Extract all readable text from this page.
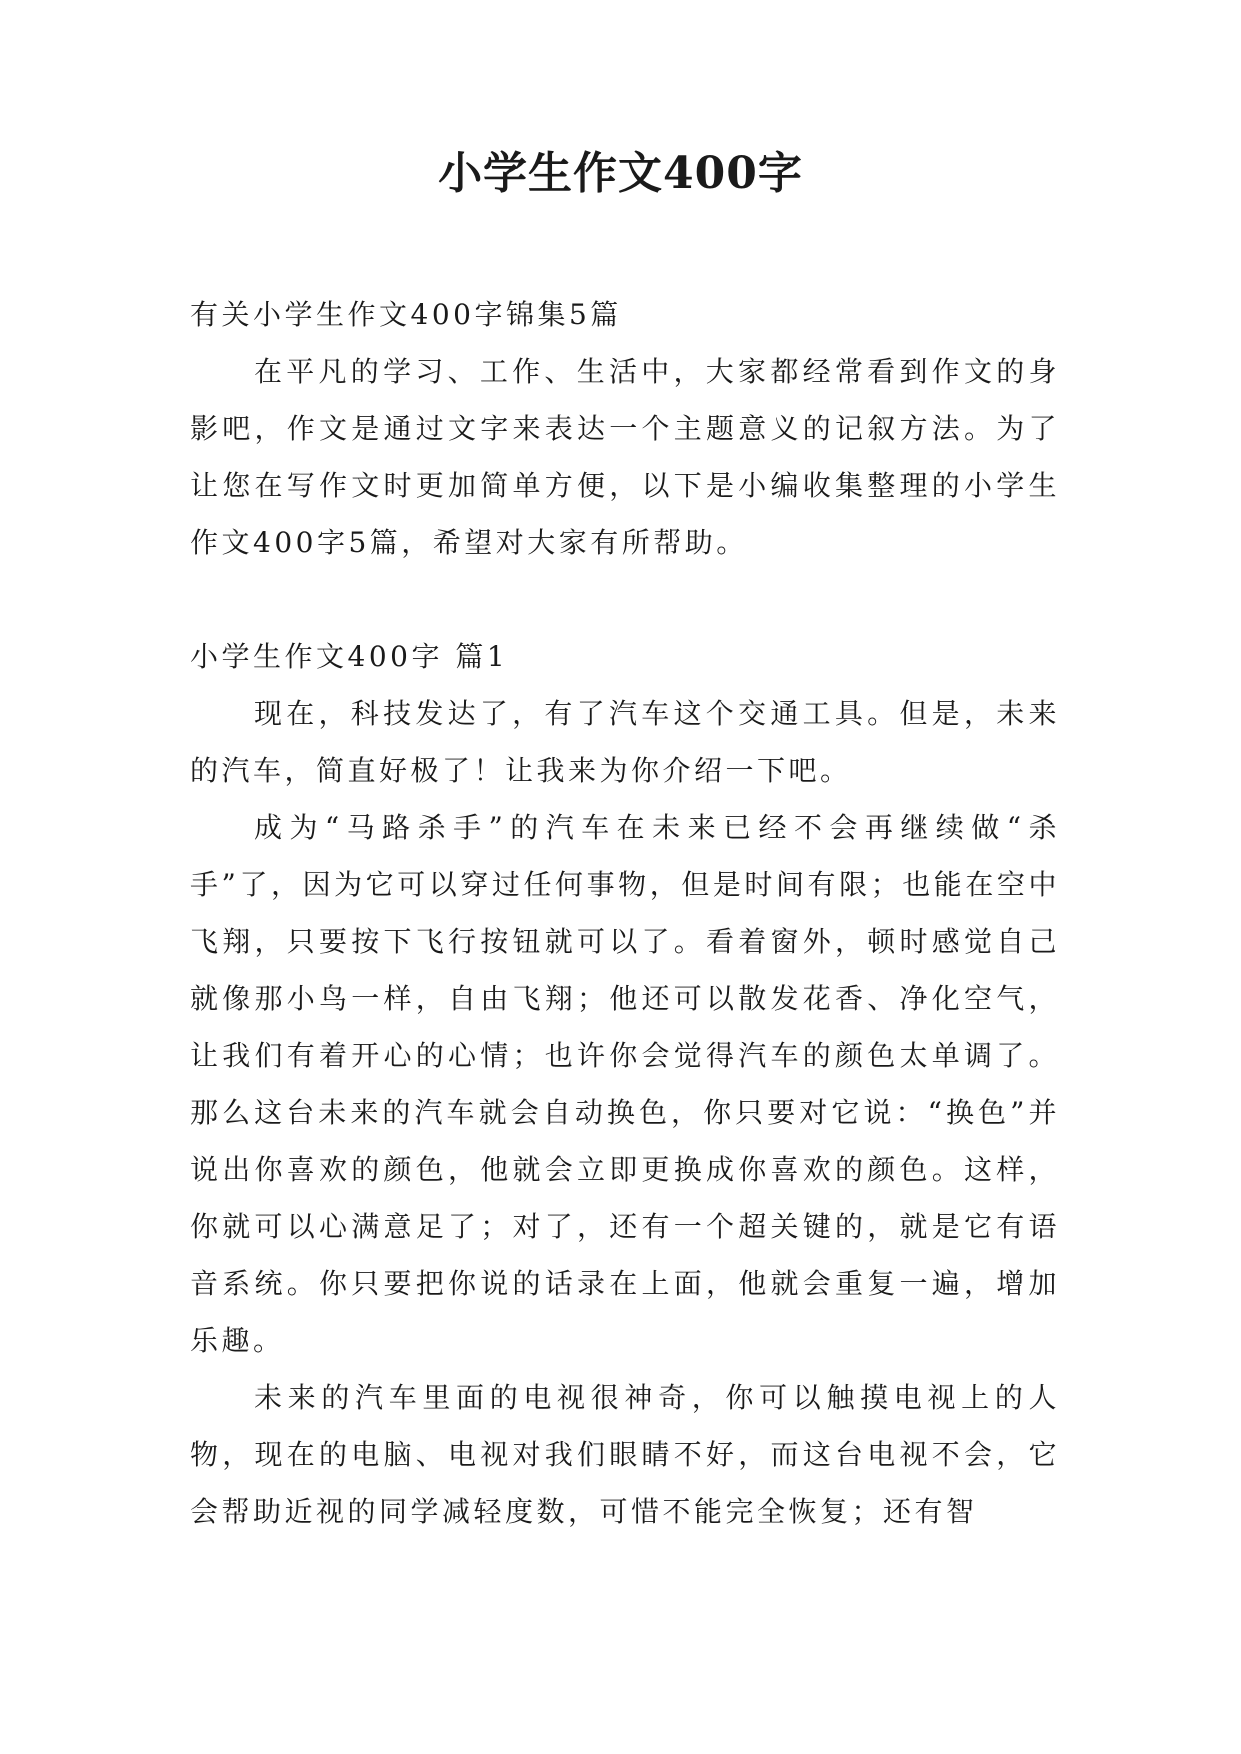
小学生作文400字

有关小学生作文400字锦集5篇

在平凡的学习、工作、生活中，大家都经常看到作文的身影吧，作文是通过文字来表达一个主题意义的记叙方法。为了让您在写作文时更加简单方便，以下是小编收集整理的小学生作文400字5篇，希望对大家有所帮助。

小学生作文400字 篇1

现在，科技发达了，有了汽车这个交通工具。但是，未来的汽车，简直好极了！让我来为你介绍一下吧。

成为“马路杀手”的汽车在未来已经不会再继续做“杀手”了，因为它可以穿过任何事物，但是时间有限；也能在空中飞翔，只要按下飞行按钮就可以了。看着窗外，顿时感觉自己就像那小鸟一样，自由飞翔；他还可以散发花香、净化空气，让我们有着开心的心情；也许你会觉得汽车的颜色太单调了。那么这台未来的汽车就会自动换色，你只要对它说：“换色”并说出你喜欢的颜色，他就会立即更换成你喜欢的颜色。这样，你就可以心满意足了；对了，还有一个超关键的，就是它有语音系统。你只要把你说的话录在上面，他就会重复一遍，增加乐趣。

未来的汽车里面的电视很神奇，你可以触摸电视上的人物，现在的电脑、电视对我们眼睛不好，而这台电视不会，它会帮助近视的同学减轻度数，可惜不能完全恢复；还有智
